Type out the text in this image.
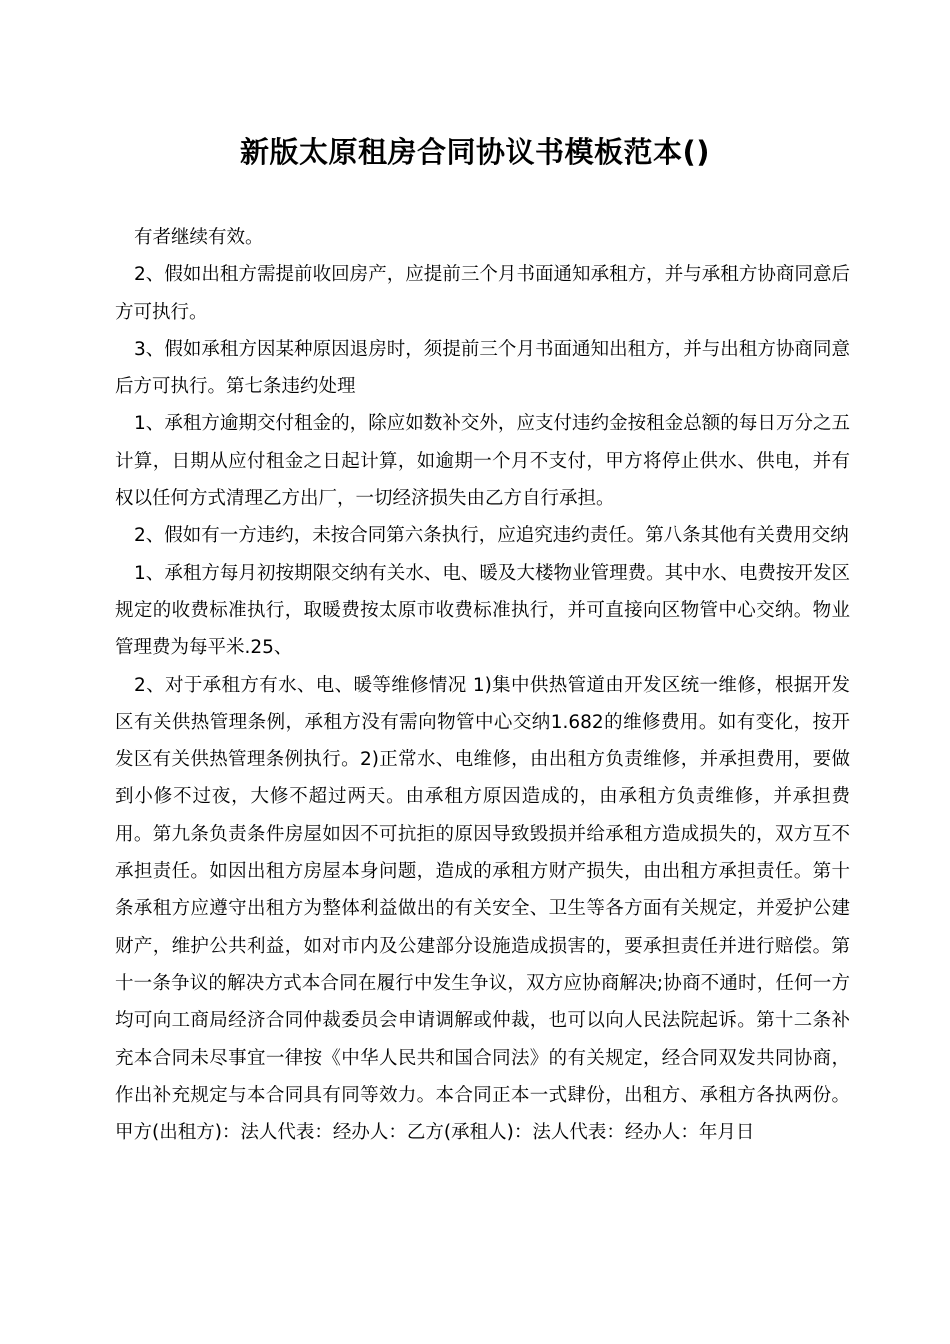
新版太原租房合同协议书模板范本()

有者继续有效。

2、假如出租方需提前收回房产，应提前三个月书面通知承租方，并与承租方协商同意后方可执行。

3、假如承租方因某种原因退房时，须提前三个月书面通知出租方，并与出租方协商同意后方可执行。第七条违约处理

1、承租方逾期交付租金的，除应如数补交外，应支付违约金按租金总额的每日万分之五计算，日期从应付租金之日起计算，如逾期一个月不支付，甲方将停止供水、供电，并有权以任何方式清理乙方出厂，一切经济损失由乙方自行承担。

2、假如有一方违约，未按合同第六条执行，应追究违约责任。第八条其他有关费用交纳

1、承租方每月初按期限交纳有关水、电、暖及大楼物业管理费。其中水、电费按开发区规定的收费标准执行，取暖费按太原市收费标准执行，并可直接向区物管中心交纳。物业管理费为每平米.25、

2、对于承租方有水、电、暖等维修情况 1)集中供热管道由开发区统一维修，根据开发区有关供热管理条例，承租方没有需向物管中心交纳1.682的维修费用。如有变化，按开发区有关供热管理条例执行。2)正常水、电维修，由出租方负责维修，并承担费用，要做到小修不过夜，大修不超过两天。由承租方原因造成的，由承租方负责维修，并承担费用。第九条负责条件房屋如因不可抗拒的原因导致毁损并给承租方造成损失的，双方互不承担责任。如因出租方房屋本身问题，造成的承租方财产损失，由出租方承担责任。第十条承租方应遵守出租方为整体利益做出的有关安全、卫生等各方面有关规定，并爱护公建财产，维护公共利益，如对市内及公建部分设施造成损害的，要承担责任并进行赔偿。第十一条争议的解决方式本合同在履行中发生争议，双方应协商解决;协商不通时，任何一方均可向工商局经济合同仲裁委员会申请调解或仲裁，也可以向人民法院起诉。第十二条补充本合同未尽事宜一律按《中华人民共和国合同法》的有关规定，经合同双发共同协商，作出补充规定与本合同具有同等效力。本合同正本一式肆份，出租方、承租方各执两份。甲方(出租方)：法人代表：经办人：乙方(承租人)：法人代表：经办人：年月日
